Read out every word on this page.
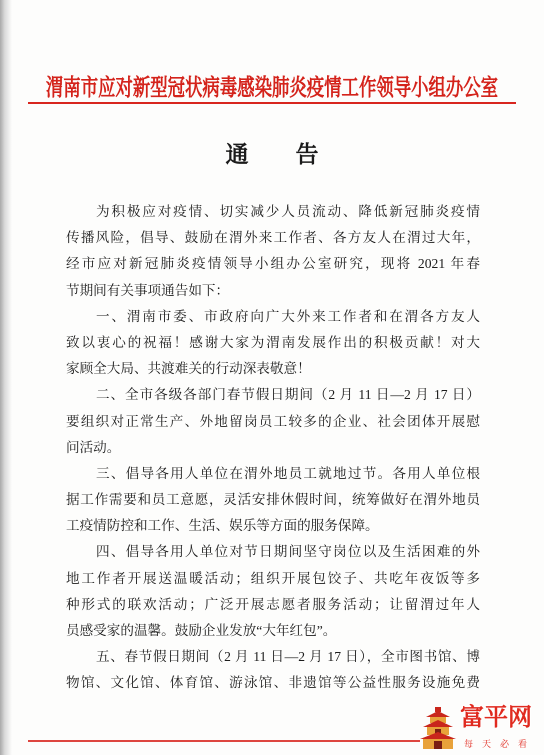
渭南市应对新型冠状病毒感染肺炎疫情工作领导小组办公室
通　告
为积极应对疫情、切实减少人员流动、降低新冠肺炎疫情
传播风险，倡导、鼓励在渭外来工作者、各方友人在渭过大年，
经市应对新冠肺炎疫情领导小组办公室研究，现将 2021 年春
节期间有关事项通告如下：
一、渭南市委、市政府向广大外来工作者和在渭各方友人
致以衷心的祝福！感谢大家为渭南发展作出的积极贡献！对大
家顾全大局、共渡难关的行动深表敬意！
二、全市各级各部门春节假日期间（2 月 11 日—2 月 17 日）
要组织对正常生产、外地留岗员工较多的企业、社会团体开展慰
问活动。
三、倡导各用人单位在渭外地员工就地过节。各用人单位根
据工作需要和员工意愿，灵活安排休假时间，统筹做好在渭外地员
工疫情防控和工作、生活、娱乐等方面的服务保障。
四、倡导各用人单位对节日期间坚守岗位以及生活困难的外
地工作者开展送温暖活动；组织开展包饺子、共吃年夜饭等多
种形式的联欢活动；广泛开展志愿者服务活动；让留渭过年人
员感受家的温馨。鼓励企业发放“大年红包”。
五、春节假日期间（2 月 11 日—2 月 17 日），全市图书馆、博
物馆、文化馆、体育馆、游泳馆、非遗馆等公益性服务设施免费
富平网
每天必看
